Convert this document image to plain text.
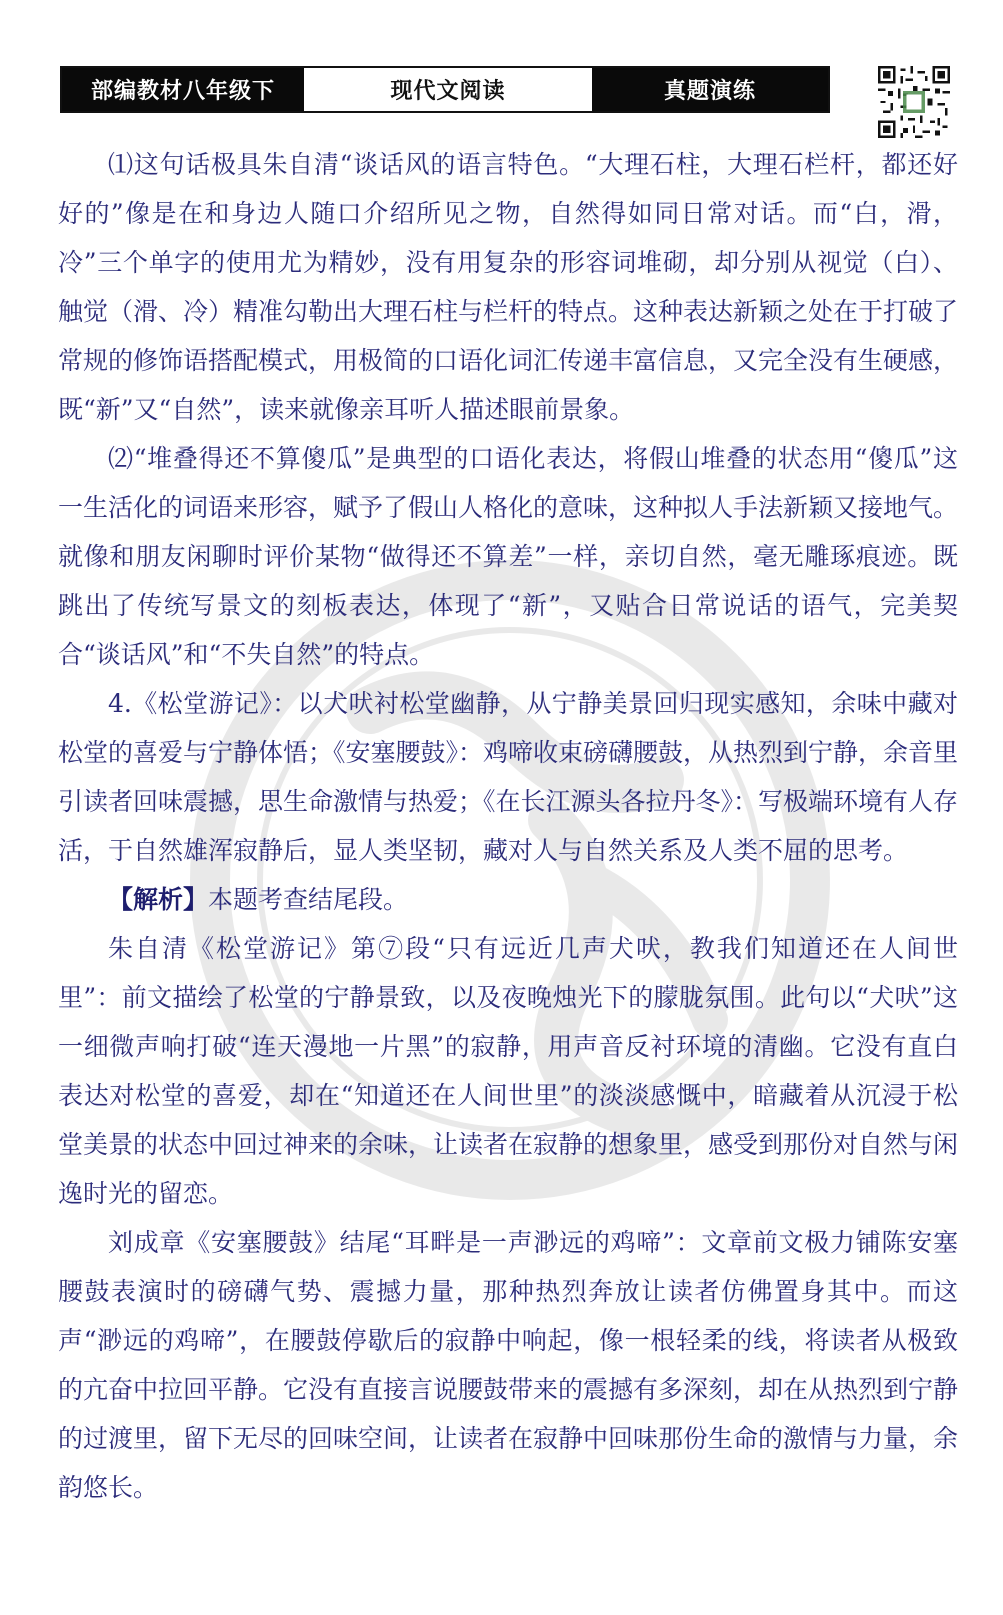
部编教材八年级下	现代文阅读	真题演练

⑴这句话极具朱自清“谈话风的语言特色。“大理石柱，大理石栏杆，都还好好的”像是在和身边人随口介绍所见之物，自然得如同日常对话。而“白，滑，冷”三个单字的使用尤为精妙，没有用复杂的形容词堆砌，却分别从视觉（白）、触觉（滑、冷）精准勾勒出大理石柱与栏杆的特点。这种表达新颖之处在于打破了常规的修饰语搭配模式，用极简的口语化词汇传递丰富信息，又完全没有生硬感，既“新”又“自然”，读来就像亲耳听人描述眼前景象。

⑵“堆叠得还不算傻瓜”是典型的口语化表达，将假山堆叠的状态用“傻瓜”这一生活化的词语来形容，赋予了假山人格化的意味，这种拟人手法新颖又接地气。就像和朋友闲聊时评价某物“做得还不算差”一样，亲切自然，毫无雕琢痕迹。既跳出了传统写景文的刻板表达，体现了“新”，又贴合日常说话的语气，完美契合“谈话风”和“不失自然”的特点。

4.《松堂游记》：以犬吠衬松堂幽静，从宁静美景回归现实感知，余味中藏对松堂的喜爱与宁静体悟；《安塞腰鼓》：鸡啼收束磅礴腰鼓，从热烈到宁静，余音里引读者回味震撼，思生命激情与热爱；《在长江源头各拉丹冬》：写极端环境有人存活，于自然雄浑寂静后，显人类坚韧，藏对人与自然关系及人类不屈的思考。

【解析】本题考查结尾段。

朱自清《松堂游记》第⑦段“只有远近几声犬吠，教我们知道还在人间世里”：前文描绘了松堂的宁静景致，以及夜晚烛光下的朦胧氛围。此句以“犬吠”这一细微声响打破“连天漫地一片黑”的寂静，用声音反衬环境的清幽。它没有直白表达对松堂的喜爱，却在“知道还在人间世里”的淡淡感慨中，暗藏着从沉浸于松堂美景的状态中回过神来的余味，让读者在寂静的想象里，感受到那份对自然与闲逸时光的留恋。

刘成章《安塞腰鼓》结尾“耳畔是一声渺远的鸡啼”：文章前文极力铺陈安塞腰鼓表演时的磅礴气势、震撼力量，那种热烈奔放让读者仿佛置身其中。而这声“渺远的鸡啼”，在腰鼓停歇后的寂静中响起，像一根轻柔的线，将读者从极致的亢奋中拉回平静。它没有直接言说腰鼓带来的震撼有多深刻，却在从热烈到宁静的过渡里，留下无尽的回味空间，让读者在寂静中回味那份生命的激情与力量，余韵悠长。
